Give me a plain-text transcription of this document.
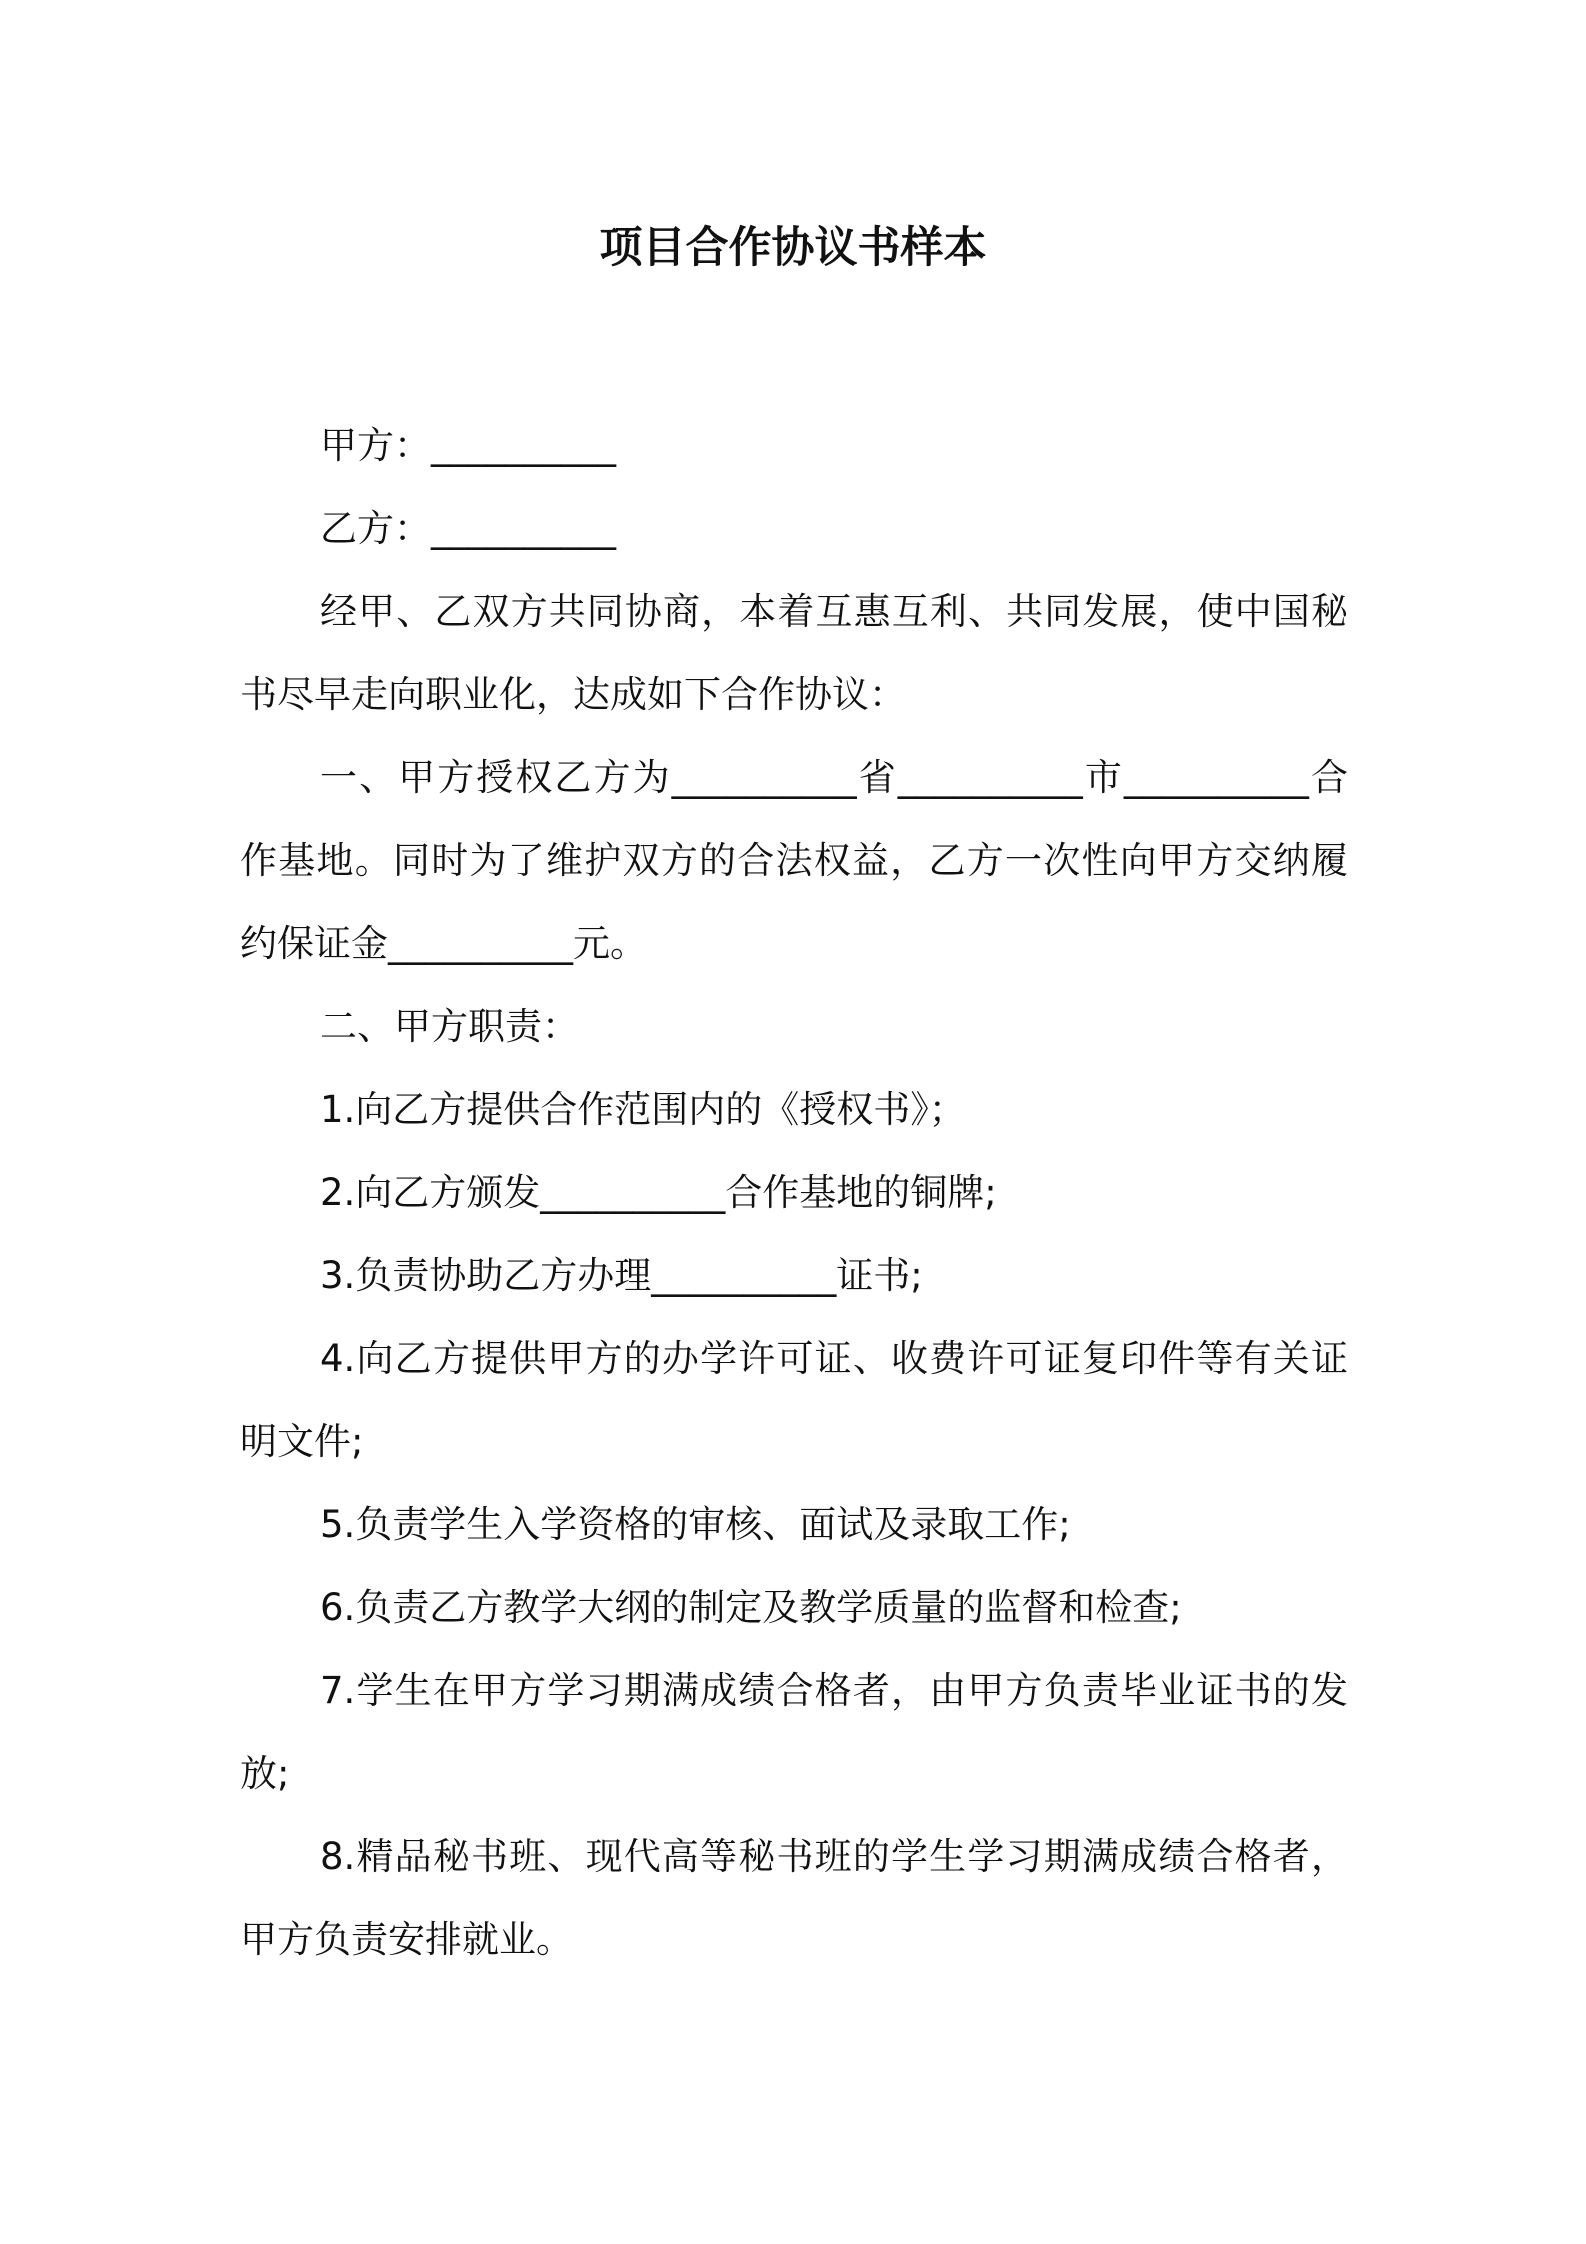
项目合作协议书样本

甲方：__________

乙方：__________

经甲、乙双方共同协商，本着互惠互利、共同发展，使中国秘书尽早走向职业化，达成如下合作协议：

一、甲方授权乙方为__________省__________市__________合作基地。同时为了维护双方的合法权益，乙方一次性向甲方交纳履约保证金__________元。

二、甲方职责：

1.向乙方提供合作范围内的《授权书》；

2.向乙方颁发__________合作基地的铜牌;

3.负责协助乙方办理__________证书;

4.向乙方提供甲方的办学许可证、收费许可证复印件等有关证明文件;

5.负责学生入学资格的审核、面试及录取工作;

6.负责乙方教学大纲的制定及教学质量的监督和检查;

7.学生在甲方学习期满成绩合格者，由甲方负责毕业证书的发放;

8.精品秘书班、现代高等秘书班的学生学习期满成绩合格者，甲方负责安排就业。
